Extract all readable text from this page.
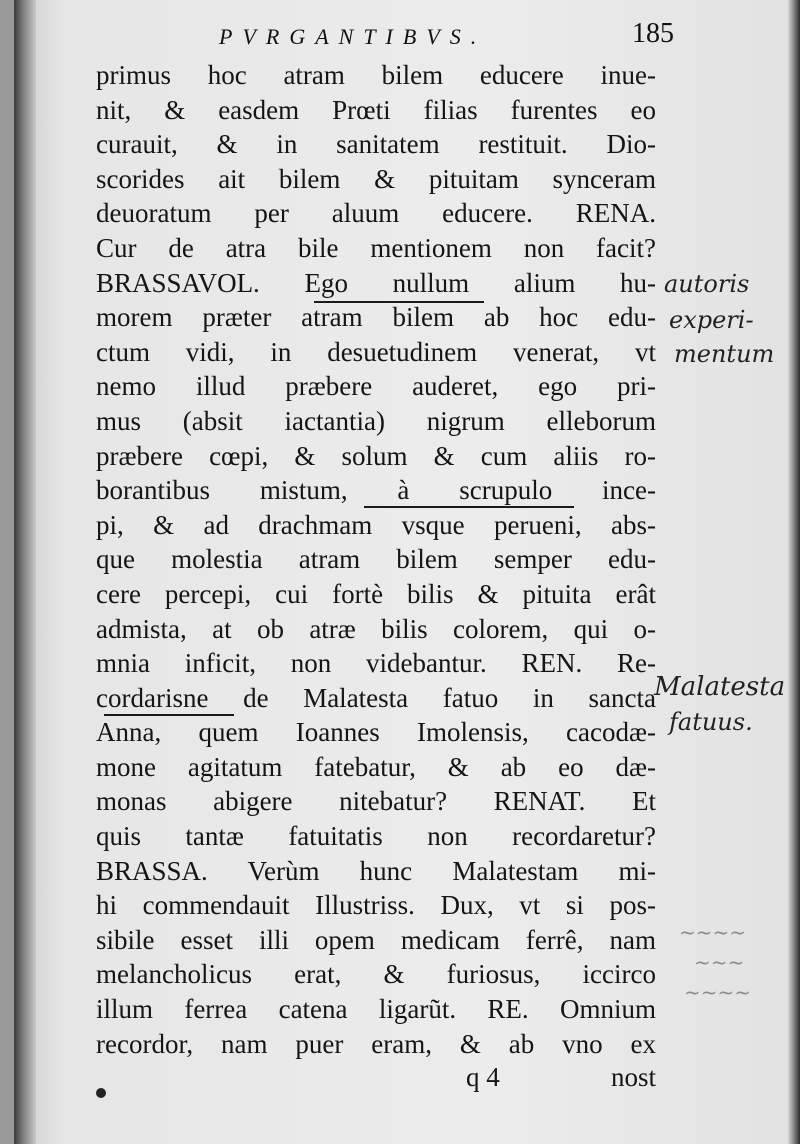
PVRGANTIBVS.	185
primus hoc atram bilem educere inue-
nit, & easdem Prœti filias furentes eo
curauit, & in sanitatem restituit. Dio-
scorides ait bilem & pituitam synceram
deuoratum per aluum educere. RENA.
Cur de atra bile mentionem non facit?
BRASSAVOL. Ego nullum alium hu-
morem præter atram bilem ab hoc edu-
ctum vidi, in desuetudinem venerat, vt
nemo illud præbere auderet, ego pri-
mus (absit iactantia) nigrum elleborum
præbere cœpi, & solum & cum aliis ro-
borantibus mistum, à scrupulo ince-
pi, & ad drachmam vsque perueni, abs-
que molestia atram bilem semper edu-
cere percepi, cui fortè bilis & pituita erât
admista, at ob atræ bilis colorem, qui o-
mnia inficit, non videbantur. REN. Re-
cordarisne de Malatesta fatuo in sancta
Anna, quem Ioannes Imolensis, cacodæ-
mone agitatum fatebatur, & ab eo dæ-
monas abigere nitebatur? RENAT. Et
quis tantæ fatuitatis non recordaretur?
BRASSA. Verùm hunc Malatestam mi-
hi commendauit Illustriss. Dux, vt si pos-
sibile esset illi opem medicam ferrê, nam
melancholicus erat, & furiosus, iccirco
illum ferrea catena ligarũt. RE. Omnium
recordor, nam puer eram, & ab vno ex
autoris
experi-
mentum
Malatesta
fatuus.
~~~~
~~~
~~~~
q 4	nost
